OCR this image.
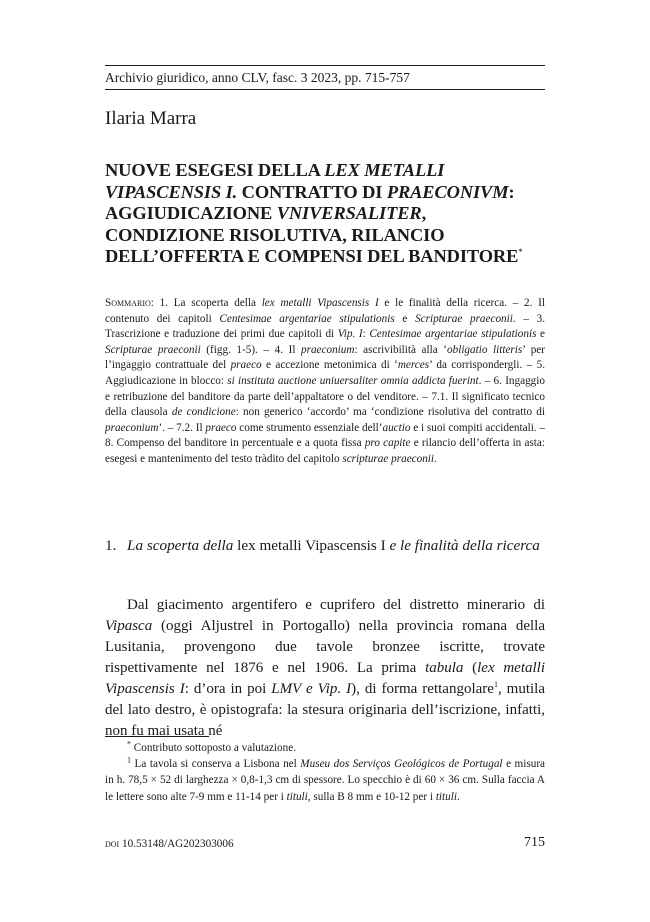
Archivio giuridico, anno CLV, fasc. 3 2023, pp. 715-757
Ilaria Marra
NUOVE ESEGESI DELLA LEX METALLI
VIPASCENSIS I. CONTRATTO DI PRAECONIVM:
AGGIUDICAZIONE VNIVERSALITER,
CONDIZIONE RISOLUTIVA, RILANCIO
DELL’OFFERTA E COMPENSI DEL BANDITORE*
Sommario: 1. La scoperta della lex metalli Vipascensis I e le finalità della ricerca. – 2. Il contenuto dei capitoli Centesimae argentariae stipulationis e Scripturae praeconii. – 3. Trascrizione e traduzione dei primi due capitoli di Vip. I: Centesimae argentariae stipulationis e Scripturae praeconii (figg. 1-5). – 4. Il praeconium: ascrivibilità alla ‘obligatio litteris’ per l’ingaggio contrattuale del praeco e accezione metonimica di ‘merces’ da corrispondergli. – 5. Aggiudicazione in blocco: si instituta auctione uniuersaliter omnia addicta fuerint. – 6. Ingaggio e retribuzione del banditore da parte dell’appaltatore o del venditore. – 7.1. Il significato tecnico della clausola de condicione: non generico ‘accordo’ ma ‘condizione risolutiva del contratto di praeconium’. – 7.2. Il praeco come strumento essenziale dell’auctio e i suoi compiti accidentali. – 8. Compenso del banditore in percentuale e a quota fissa pro capite e rilancio dell’offerta in asta: esegesi e mantenimento del testo tràdito del capitolo scripturae praeconii.
1. La scoperta della lex metalli Vipascensis I e le finalità della ricerca

Dal giacimento argentifero e cuprifero del distretto minerario di Vipasca (oggi Aljustrel in Portogallo) nella provincia romana della Lusitania, provengono due tavole bronzee iscritte, trovate rispettivamente nel 1876 e nel 1906. La prima tabula (lex metalli Vipascensis I: d’ora in poi LMV e Vip. I), di forma rettangolare$^1$, mutila del lato destro, è opistografa: la stesura originaria dell’iscrizione, infatti, non fu mai usata né

* Contributo sottoposto a valutazione.

$^1$ La tavola si conserva a Lisbona nel Museu dos Serviços Geológicos de Portugal e misura in h. 78,5 × 52 di larghezza × 0,8-1,3 cm di spessore. Lo specchio è di 60 × 36 cm. Sulla faccia A le lettere sono alte 7-9 mm e 11-14 per i tituli, sulla B 8 mm e 10-12 per i tituli.

doi 10.53148/AG202303006	715
